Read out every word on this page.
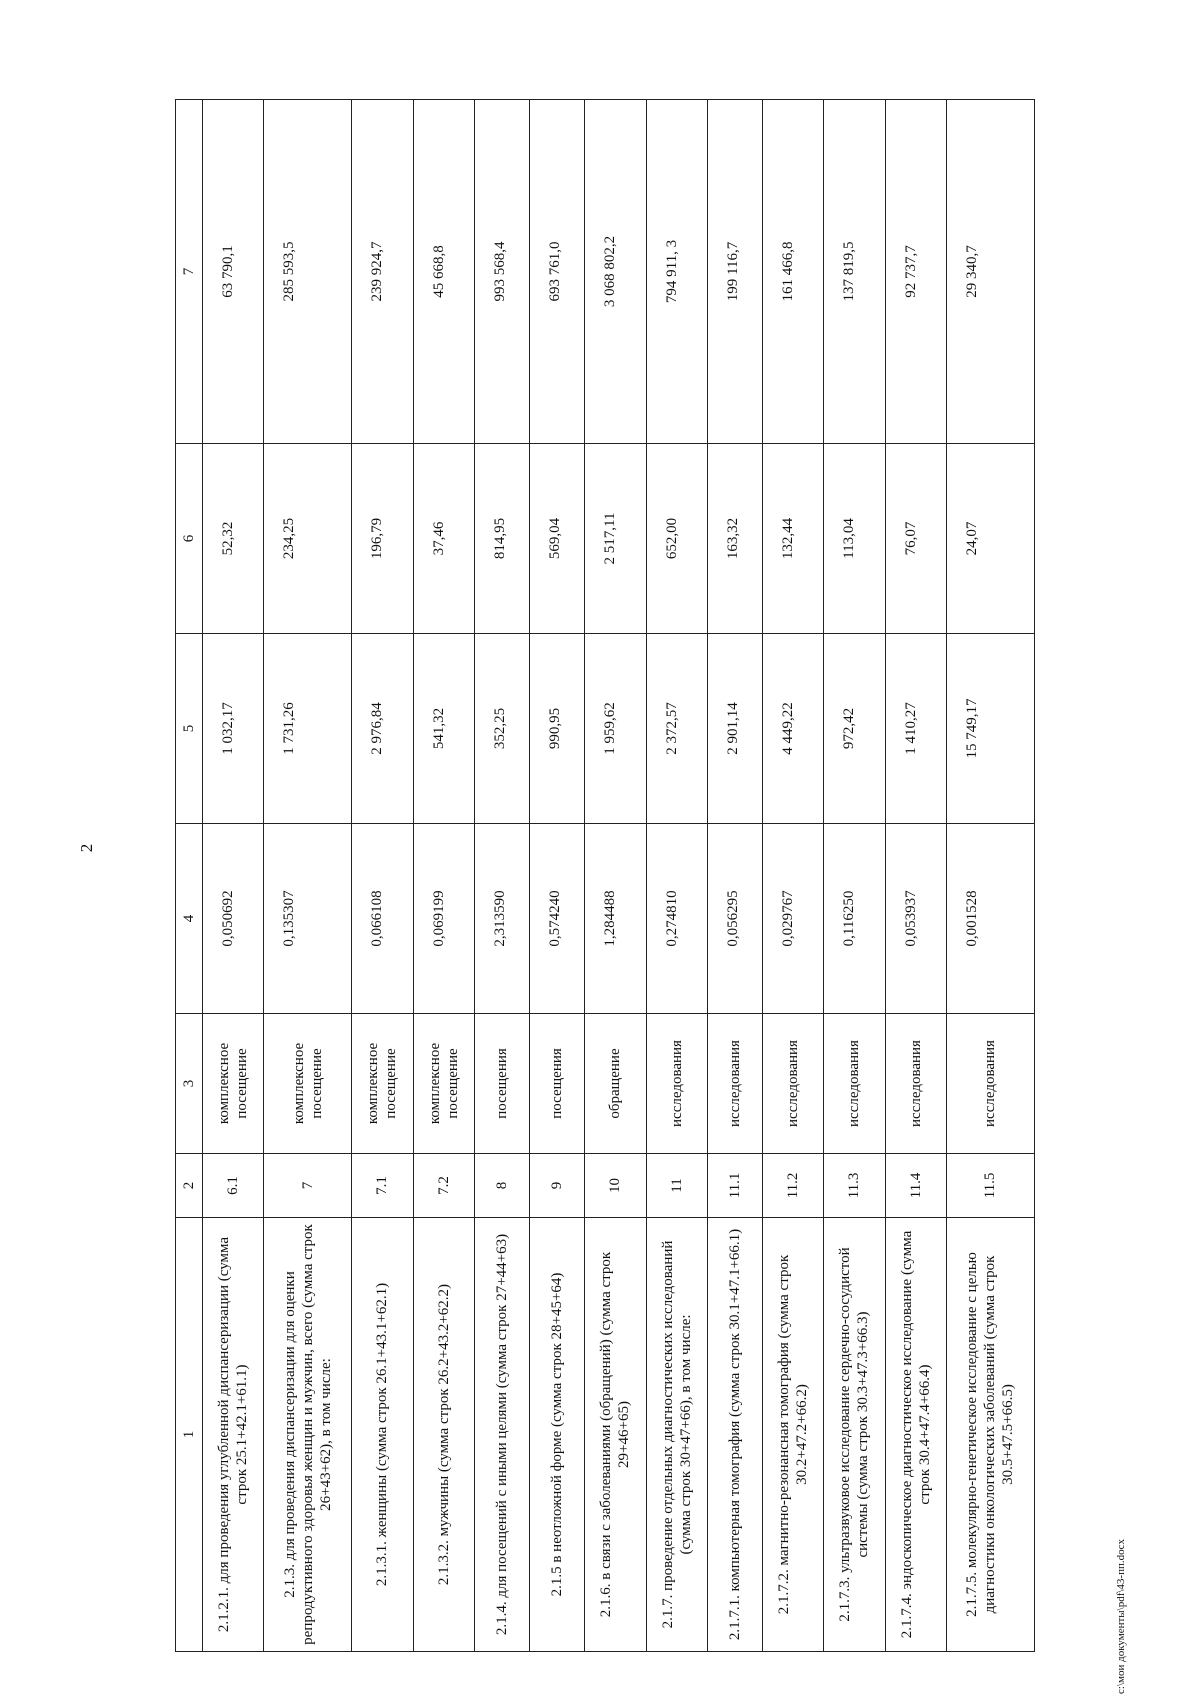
2
1	2	3	4	5	6	7
2.1.2.1. для проведения углубленной диспансеризации (сумма строк 25.1+42.1+61.1)	6.1	комплексное посещение	0,050692	1 032,17	52,32	63 790,1
2.1.3. для проведения диспансеризации для оценки репродуктивного здоровья женщин и мужчин, всего (сумма строк 26+43+62), в том числе:	7	комплексное посещение	0,135307	1 731,26	234,25	285 593,5
2.1.3.1. женщины (сумма строк 26.1+43.1+62.1)	7.1	комплексное посещение	0,066108	2 976,84	196,79	239 924,7
2.1.3.2. мужчины (сумма строк 26.2+43.2+62.2)	7.2	комплексное посещение	0,069199	541,32	37,46	45 668,8
2.1.4. для посещений с иными целями (сумма строк 27+44+63)	8	посещения	2,313590	352,25	814,95	993 568,4
2.1.5 в неотложной форме (сумма строк 28+45+64)	9	посещения	0,574240	990,95	569,04	693 761,0
2.1.6. в связи с заболеваниями (обращений) (сумма строк 29+46+65)	10	обращение	1,284488	1 959,62	2 517,11	3 068 802,2
2.1.7. проведение отдельных диагностических исследований (сумма строк 30+47+66), в том числе:	11	исследования	0,274810	2 372,57	652,00	794 911, 3
2.1.7.1. компьютерная томография (сумма строк 30.1+47.1+66.1)	11.1	исследования	0,056295	2 901,14	163,32	199 116,7
2.1.7.2. магнитно-резонансная томография (сумма строк 30.2+47.2+66.2)	11.2	исследования	0,029767	4 449,22	132,44	161 466,8
2.1.7.3. ультразвуковое исследование сердечно-сосудистой системы (сумма строк 30.3+47.3+66.3)	11.3	исследования	0,116250	972,42	113,04	137 819,5
2.1.7.4. эндоскопическое диагностическое исследование (сумма строк 30.4+47.4+66.4)	11.4	исследования	0,053937	1 410,27	76,07	92 737,7
2.1.7.5. молекулярно-генетическое исследование с целью диагностики онкологических заболеваний (сумма строк 30.5+47.5+66.5)	11.5	исследования	0,001528	15 749,17	24,07	29 340,7
c:\мои документы\pdf\43-пп.docx
